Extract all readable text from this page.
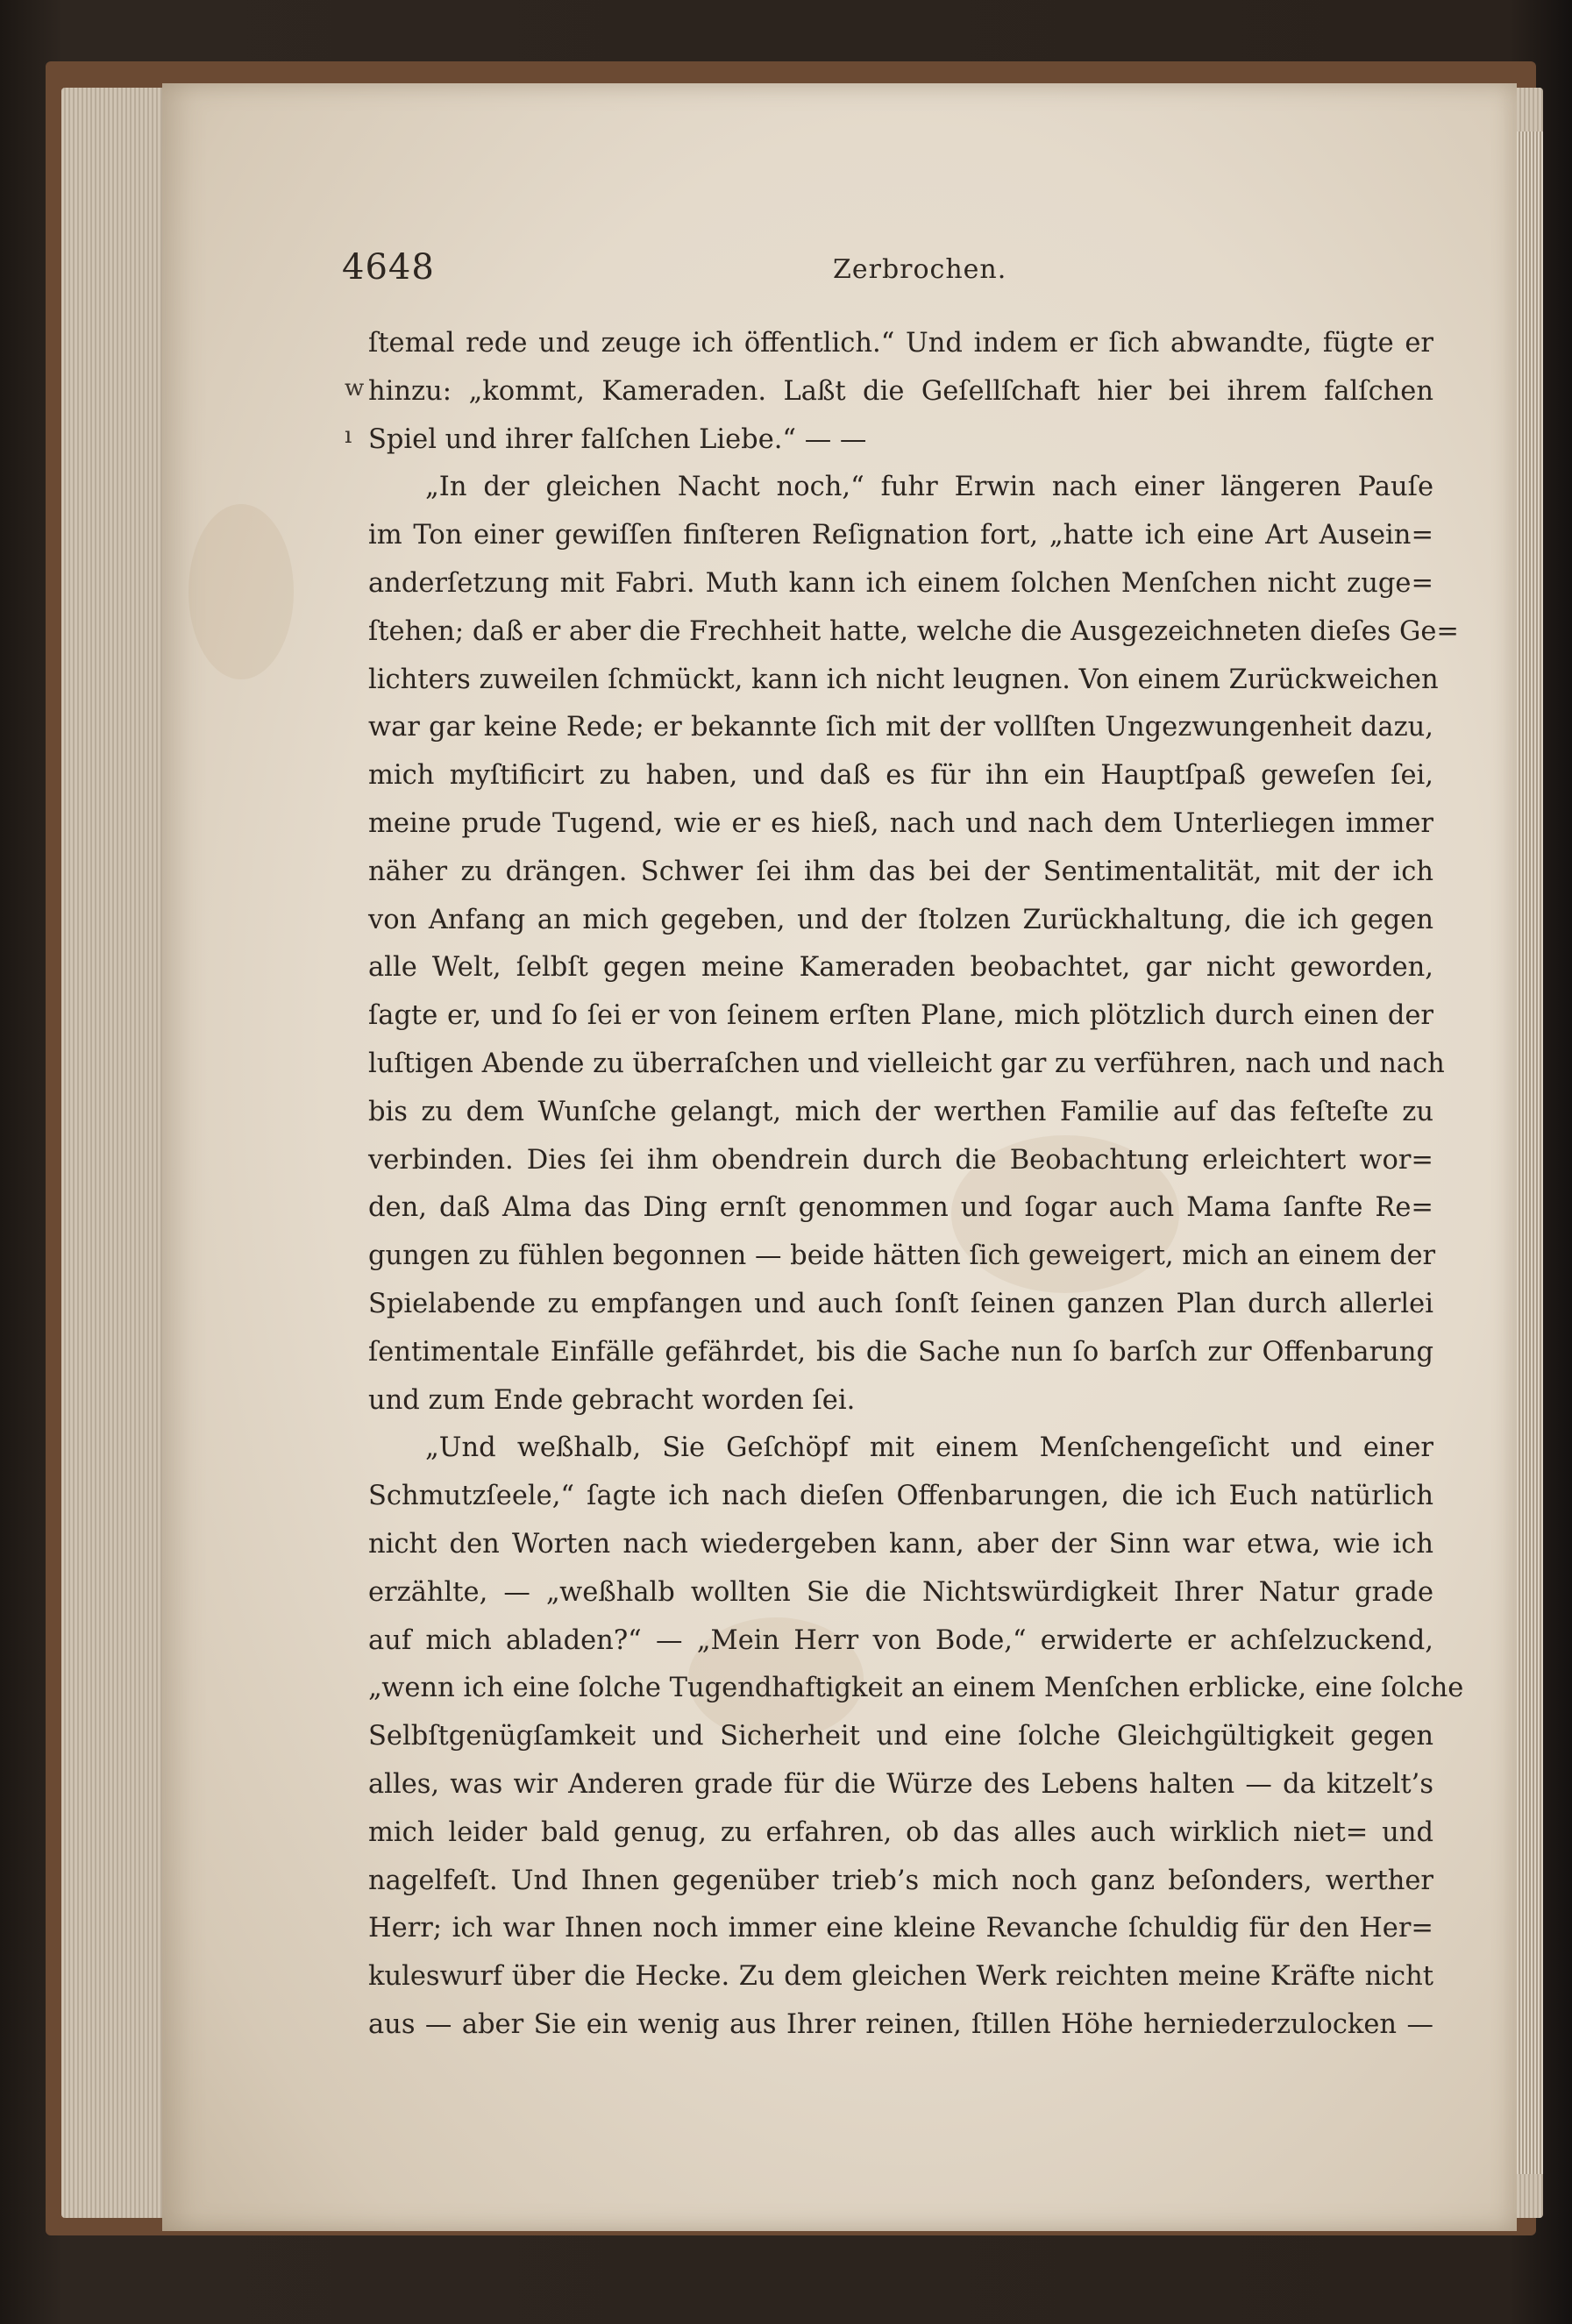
4648	Zerbrochen.
w
ı
ſtemal rede und zeuge ich öffentlich.“ Und indem er ſich abwandte, fügte er
hinzu: „kommt, Kameraden. Laßt die Geſellſchaft hier bei ihrem falſchen
Spiel und ihrer falſchen Liebe.“ — —
„In der gleichen Nacht noch,“ fuhr Erwin nach einer längeren Pauſe
im Ton einer gewiſſen finſteren Reſignation fort, „hatte ich eine Art Ausein=
anderſetzung mit Fabri. Muth kann ich einem ſolchen Menſchen nicht zuge=
ſtehen; daß er aber die Frechheit hatte, welche die Ausgezeichneten dieſes Ge=
lichters zuweilen ſchmückt, kann ich nicht leugnen. Von einem Zurückweichen
war gar keine Rede; er bekannte ſich mit der vollſten Ungezwungenheit dazu,
mich myſtificirt zu haben, und daß es für ihn ein Hauptſpaß geweſen ſei,
meine prude Tugend, wie er es hieß, nach und nach dem Unterliegen immer
näher zu drängen. Schwer ſei ihm das bei der Sentimentalität, mit der ich
von Anfang an mich gegeben, und der ſtolzen Zurückhaltung, die ich gegen
alle Welt, ſelbſt gegen meine Kameraden beobachtet, gar nicht geworden,
ſagte er, und ſo ſei er von ſeinem erſten Plane, mich plötzlich durch einen der
luſtigen Abende zu überraſchen und vielleicht gar zu verführen, nach und nach
bis zu dem Wunſche gelangt, mich der werthen Familie auf das feſteſte zu
verbinden. Dies ſei ihm obendrein durch die Beobachtung erleichtert wor=
den, daß Alma das Ding ernſt genommen und ſogar auch Mama ſanfte Re=
gungen zu fühlen begonnen — beide hätten ſich geweigert, mich an einem der
Spielabende zu empfangen und auch ſonſt ſeinen ganzen Plan durch allerlei
ſentimentale Einfälle gefährdet, bis die Sache nun ſo barſch zur Offenbarung
und zum Ende gebracht worden ſei.
„Und weßhalb, Sie Geſchöpf mit einem Menſchengeſicht und einer
Schmutzſeele,“ ſagte ich nach dieſen Offenbarungen, die ich Euch natürlich
nicht den Worten nach wiedergeben kann, aber der Sinn war etwa, wie ich
erzählte, — „weßhalb wollten Sie die Nichtswürdigkeit Ihrer Natur grade
auf mich abladen?“ — „Mein Herr von Bode,“ erwiderte er achſelzuckend,
„wenn ich eine ſolche Tugendhaftigkeit an einem Menſchen erblicke, eine ſolche
Selbſtgenügſamkeit und Sicherheit und eine ſolche Gleichgültigkeit gegen
alles, was wir Anderen grade für die Würze des Lebens halten — da kitzelt’s
mich leider bald genug, zu erfahren, ob das alles auch wirklich niet= und
nagelfeſt. Und Ihnen gegenüber trieb’s mich noch ganz beſonders, werther
Herr; ich war Ihnen noch immer eine kleine Revanche ſchuldig für den Her=
kuleswurf über die Hecke. Zu dem gleichen Werk reichten meine Kräfte nicht
aus — aber Sie ein wenig aus Ihrer reinen, ſtillen Höhe herniederzulocken —
